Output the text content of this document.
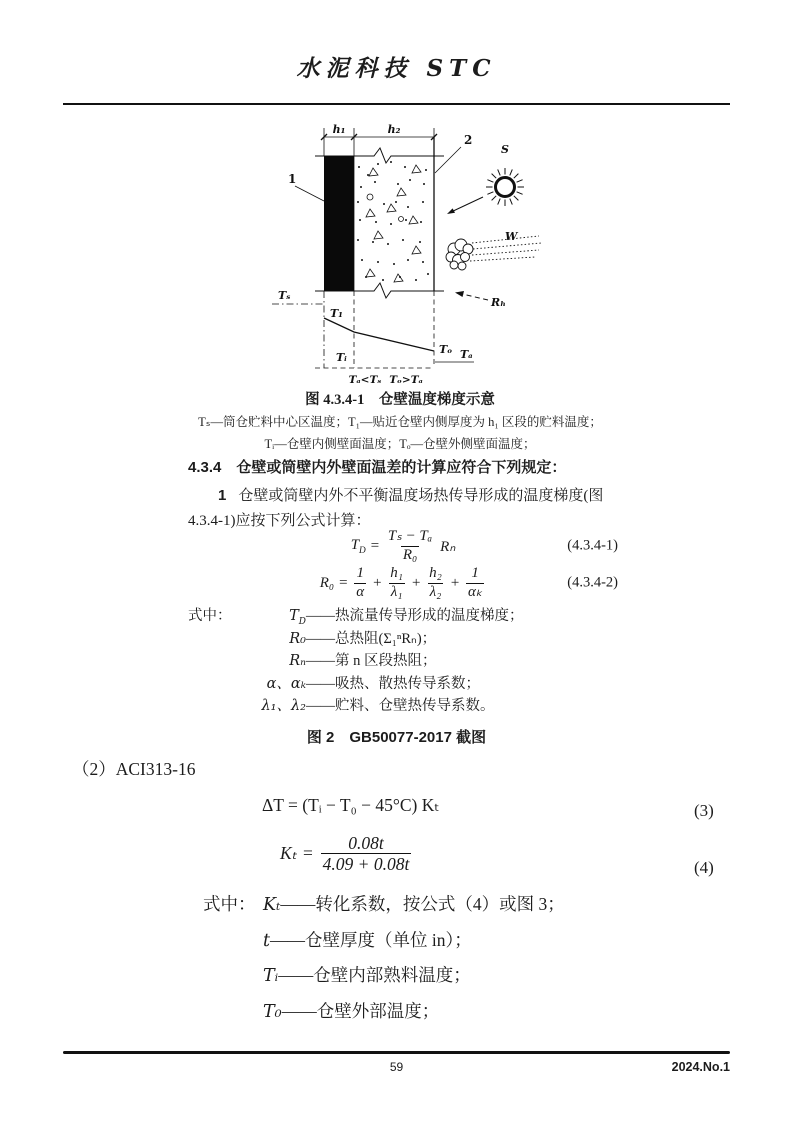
水泥科技 STC
h₁	h₂
1
2
S
W
Rₕ
Tₛ
T₁
Tᵢ
Tₒ Tₐ
Tₐ<Tₛ Tₒ>Tₐ
图 4.3.4-1　仓壁温度梯度示意
Tₛ—筒仓贮料中心区温度；T₁—贴近仓壁内侧厚度为 h₁ 区段的贮料温度；
Tᵢ—仓壁内侧壁面温度；Tₒ—仓壁外侧壁面温度；
4.3.4　仓壁或筒壁内外壁面温差的计算应符合下列规定：
1 仓壁或筒壁内外不平衡温度场热传导形成的温度梯度(图
4.3.4-1)应按下列公式计算：
$T_D = \frac{\text{Tₛ − Tₐ}}{\text{R₀}}$ Rₙ	(4.3.4-1)
$R_0 = \frac{1}{\alpha} + \frac{\text{h₁}}{\text{λ₁}} + \frac{\text{h₂}}{\text{λ₂}} + \frac{1}{\text{αₖ}}$	(4.3.4-2)
式中：	$T_D$ ——热流量传导形成的温度梯度；
R₀ ——总热阻(Σ₁ⁿRₙ)；
Rₙ ——第 n 区段热阻；
α、αₖ ——吸热、散热传导系数；
λ₁、λ₂ ——贮料、仓壁热传导系数。
图 2　GB50077-2017 截图
（2）ACI313-16
ΔT = (Tᵢ − T₀ − 45°C) Kₜ	(3)
$K_t = \frac{0.08t}{4.09 + 0.08t}$	(4)
式中： Kₜ ——转化系数，按公式（4）或图 3；
t ——仓壁厚度（单位 in）；
Tᵢ ——仓壁内部熟料温度；
T₀ ——仓壁外部温度；
59	2024.No.1
